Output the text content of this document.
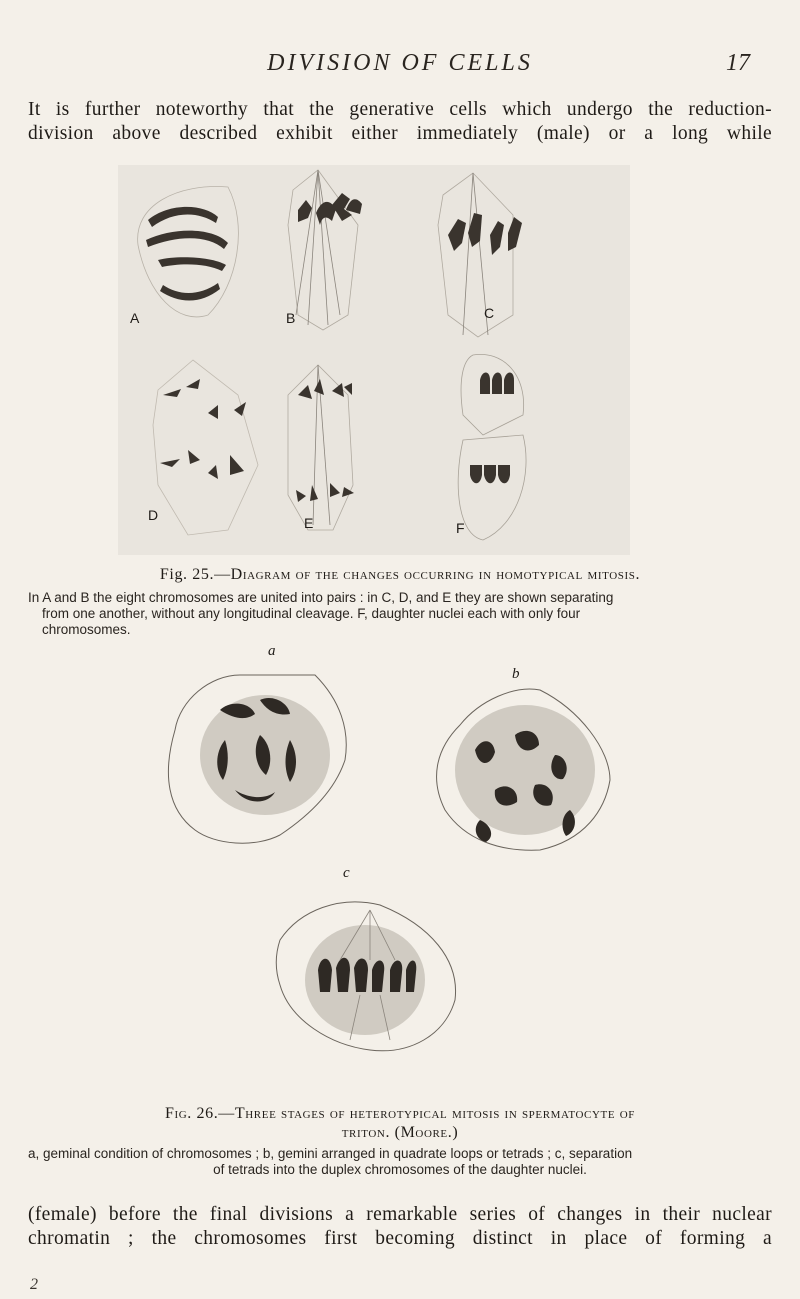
DIVISION OF CELLS	17
It is further noteworthy that the generative cells which undergo the reduction-
division above described exhibit either immediately (male) or a long while
A	B	C
D	E	F
Fig. 25.—Diagram of the changes occurring in homotypical mitosis.
In A and B the eight chromosomes are united into pairs : in C, D, and E they are shown separating
from one another, without any longitudinal cleavage. F, daughter nuclei each with only four
chromosomes.
a
b
c
Fig. 26.—Three stages of heterotypical mitosis in spermatocyte of
triton. (Moore.)
a, geminal condition of chromosomes ; b, gemini arranged in quadrate loops or tetrads ; c, separation
of tetrads into the duplex chromosomes of the daughter nuclei.
(female) before the final divisions a remarkable series of changes in their nuclear
chromatin ; the chromosomes first becoming distinct in place of forming a
2
